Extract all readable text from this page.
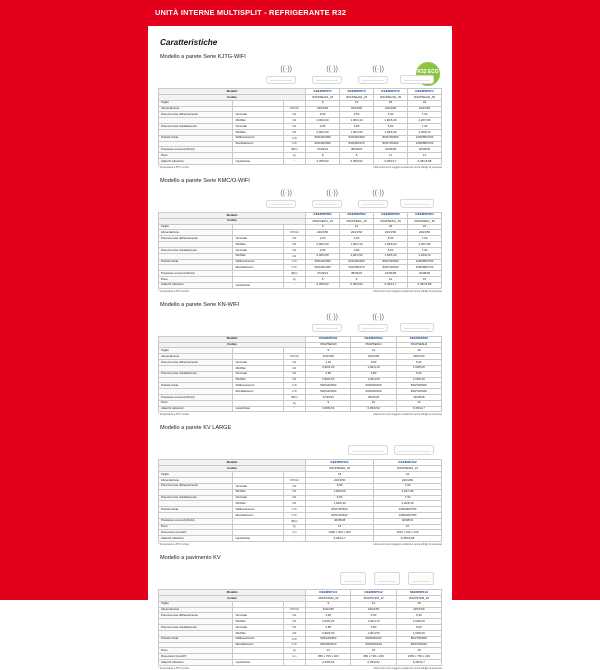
UNITÀ INTERNE MULTISPLIT - REFRIGERANTE R32
Caratteristiche
R32 ECO
Modello a parete Serie KJTG-WIFI
((·))	((·))	((·))
Modello			KEEMSP071	KEEMSP072	KEEMSP073	KEEMSP074
Codice			3NGPSE2H1_15	3NGPSE2H1_25	3NGPSE2H1_35	3NGPSE2H1_50
Taglia			9	12	18	24
Alimentazione		V/Ph/Hz	220/1/50	220/1/50	220/1/50	220/1/50
Potenza resa raffrescamento	Nominale	kW	2,60	3,50	5,30	7,00
	Min/Max	kW	0,90/3,20	1,00/4,10	1,60/6,00	2,20/7,80
Potenza resa riscaldamento	Nominale	kW	2,80	3,80	5,60	7,30
	Min/Max	kW	0,90/3,50	1,00/4,50	1,60/6,30	2,20/8,10
Portata d'aria	Raffrescamento	m³/h	500/420/350	520/440/360	800/700/600	1000/850/700
	Riscaldamento	m³/h	520/440/360	540/450/370	820/720/620	1050/880/720
Pressione sonora (hi/lo/sl)		dB(A)	37/29/21	38/30/22	42/35/28	46/38/30
Peso		kg	8	8	11	14
Attacchi tubazioni	Liquido/Gas	"	6,35/9,52	6,35/9,52	6,35/12,7	6,35/15,88
* Temperatura a 35°C incluso	I dati tecnici sono soggetti a variazioni senza obbligo di preavviso
Modello a parete Serie KMC/O-WIFI
((·))	((·))	((·))
Modello			KEEMSP081	KEEMSP082	KEEMSP083	KEEMSP084
Codice			3NGPSE31L_15	3NGPSE31L_25	3NGPSE31L_35	3NGPSE31L_50
Taglia			9	12	18	24
Alimentazione		V/Ph/Hz	220/1/50	220/1/50	220/1/50	220/1/50
Potenza resa raffrescamento	Nominale	kW	2,60	3,50	5,30	7,00
	Min/Max	kW	0,90/3,20	1,00/4,10	1,60/6,00	2,20/7,80
Potenza resa riscaldamento	Nominale	kW	2,80	3,80	5,60	7,30
	Min/Max	kW	0,90/3,50	1,00/4,50	1,60/6,30	2,20/8,10
Portata d'aria	Raffrescamento	m³/h	500/420/350	520/440/360	800/700/600	1000/850/700
	Riscaldamento	m³/h	520/440/360	540/450/370	820/720/620	1050/880/720
Pressione sonora (hi/lo/sl)		dB(A)	37/29/21	38/30/22	42/35/28	46/38/30
Peso		kg	8	9	12	15
Attacchi tubazioni	Liquido/Gas	"	6,35/9,52	6,35/9,52	6,35/12,7	6,35/15,88
* Temperatura a 35°C incluso	I dati tecnici sono soggetti a variazioni senza obbligo di preavviso
Modello a parete Serie KN-WIFI
((·))	((·))
Modello			KEEMSP091	KEEMSP092	KEEMSP093
Codice			3NGPSE6H0	3NGPSE6H1	3NGPSE6H2
Taglia			9	12	18
Alimentazione		V/Ph/Hz	220/1/50	220/1/50	220/1/50
Potenza resa raffrescamento	Nominale	kW	2,60	3,50	5,30
	Min/Max	kW	0,90/3,20	1,00/4,10	1,60/6,00
Potenza resa riscaldamento	Nominale	kW	2,80	3,80	5,60
	Min/Max	kW	0,90/3,50	1,00/4,50	1,60/6,30
Portata d'aria	Raffrescamento	m³/h	500/420/350	600/500/400	800/700/600
	Riscaldamento	m³/h	520/440/360	620/520/420	820/720/620
Pressione sonora (hi/lo/sl)		dB(A)	37/29/21	39/31/23	43/35/28
Peso		kg	9	10	13
Attacchi tubazioni	Liquido/Gas	"	6,35/9,52	6,35/9,52	6,35/12,7
* Temperatura a 35°C incluso	I dati tecnici sono soggetti a variazioni senza obbligo di preavviso
Modello a parete KV LARGE
Modello			KEEMSP101	KEEMSP102
Codice			3NGPSE2E1_18	3NGPSE2E1_24
Taglia			18	24
Alimentazione		V/Ph/Hz	220/1/50	220/1/50
Potenza resa raffrescamento	Nominale	kW	5,30	7,00
	Min/Max	kW	1,60/6,00	2,20/7,80
Potenza resa riscaldamento	Nominale	kW	5,60	7,30
	Min/Max	kW	1,60/6,30	2,20/8,10
Portata d'aria	Raffrescamento	m³/h	800/700/600	1050/900/750
	Riscaldamento	m³/h	820/720/620	1080/920/780
Pressione sonora (hi/lo/sl)		dB(A)	42/35/28	46/38/31
Peso		kg	13	16
Dimensioni (LxAxP)		mm	1080 x 300 x 205	1100 x 320 x 225
Attacchi tubazioni	Liquido/Gas	"	6,35/12,7	6,35/15,88
* Temperatura a 35°C incluso	I dati tecnici sono soggetti a variazioni senza obbligo di preavviso
Modello a pavimento KV
Modello			KEEMSP111	KEEMSP112	KEEMSP113
Codice			3NGPSTEM_09	3NGPSTEM_12	3NGPSTEM_18
Taglia			9	12	18
Alimentazione		V/Ph/Hz	220/1/50	220/1/50	220/1/50
Potenza resa raffrescamento	Nominale	kW	2,60	3,50	5,30
	Min/Max	kW	0,90/3,20	1,00/4,10	1,60/6,00
Potenza resa riscaldamento	Nominale	kW	2,80	3,80	5,60
	Min/Max	kW	0,90/3,50	1,00/4,50	1,60/6,30
Portata d'aria	Raffrescamento	m³/h	520/440/360	600/500/420	800/700/600
	Riscaldamento	m³/h	540/450/370	620/520/440	820/720/620
Peso		kg	14	15	18
Dimensioni (LxAxP)		mm	950 x 700 x 200	950 x 700 x 200	1050 x 750 x 220
Attacchi tubazioni	Liquido/Gas	"	6,35/9,52	6,35/9,52	6,35/12,7
* Temperatura a 35°C incluso	I dati tecnici sono soggetti a variazioni senza obbligo di preavviso
